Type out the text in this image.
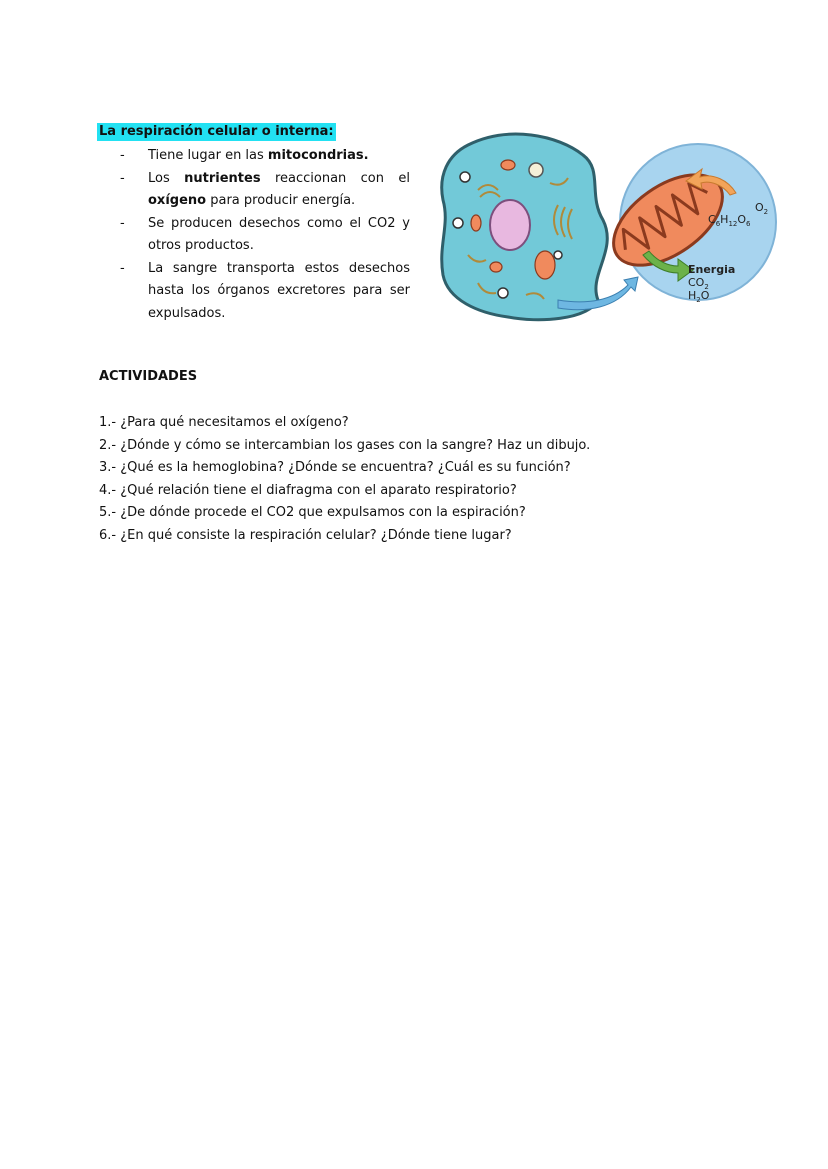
La respiración celular o interna:
- Tiene lugar en las mitocondrias.
- Los nutrientes reaccionan con el oxígeno para producir energía.
- Se producen desechos como el CO2 y otros productos.
- La sangre transporta estos desechos hasta los órganos excretores para ser expulsados.
$O_2$
$C_6H_{12}O_6$
Energia
$CO_2$
$H_2O$
ACTIVIDADES
1.- ¿Para qué necesitamos el oxígeno?
2.- ¿Dónde y cómo se intercambian los gases con la sangre? Haz un dibujo.
3.- ¿Qué es la hemoglobina? ¿Dónde se encuentra? ¿Cuál es su función?
4.- ¿Qué relación tiene el diafragma con el aparato respiratorio?
5.- ¿De dónde procede el CO2 que expulsamos con la espiración?
6.- ¿En qué consiste la respiración celular? ¿Dónde tiene lugar?
